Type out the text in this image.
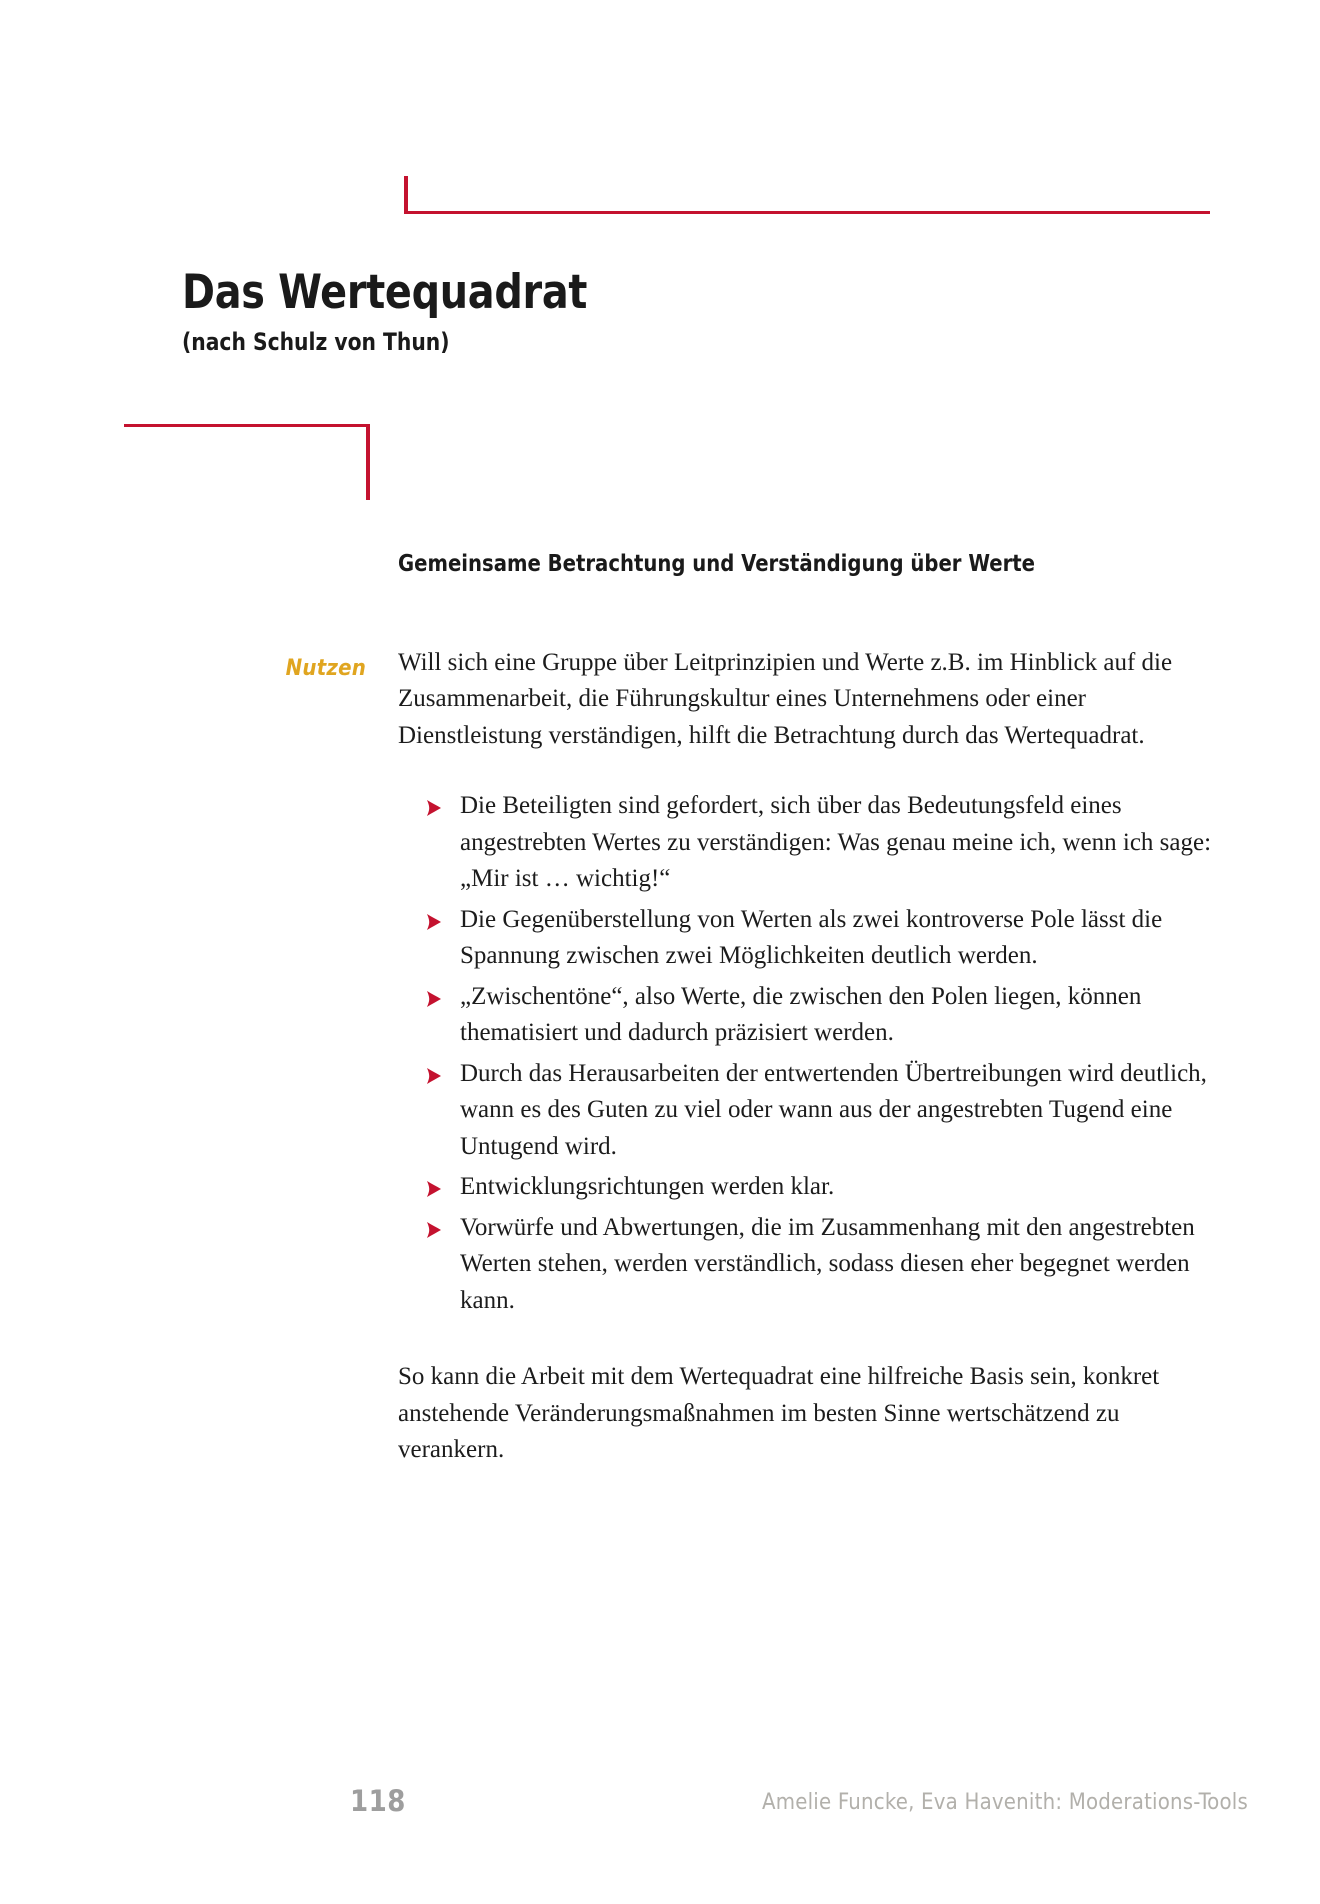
Das Wertequadrat
(nach Schulz von Thun)
Nutzen
Gemeinsame Betrachtung und Verständigung über Werte

Will sich eine Gruppe über Leitprinzipien und Werte z.B. im Hinblick auf die Zusammenarbeit, die Führungskultur eines Unternehmens oder einer Dienstleistung verständigen, hilft die Betrachtung durch das Wertequadrat.

Die Beteiligten sind gefordert, sich über das Bedeutungsfeld eines angestrebten Wertes zu verständigen: Was genau meine ich, wenn ich sage: „Mir ist … wichtig!“
Die Gegenüberstellung von Werten als zwei kontroverse Pole lässt die Spannung zwischen zwei Möglichkeiten deutlich werden.
„Zwischentöne“, also Werte, die zwischen den Polen liegen, können thematisiert und dadurch präzisiert werden.
Durch das Herausarbeiten der entwertenden Übertreibungen wird deutlich, wann es des Guten zu viel oder wann aus der angestrebten Tugend eine Untugend wird.
Entwicklungsrichtungen werden klar.
Vorwürfe und Abwertungen, die im Zusammenhang mit den angestrebten Werten stehen, werden verständlich, sodass diesen eher begegnet werden kann.

So kann die Arbeit mit dem Wertequadrat eine hilfreiche Basis sein, konkret anstehende Veränderungsmaßnahmen im besten Sinne wertschätzend zu verankern.

118	Amelie Funcke, Eva Havenith: Moderations-Tools
